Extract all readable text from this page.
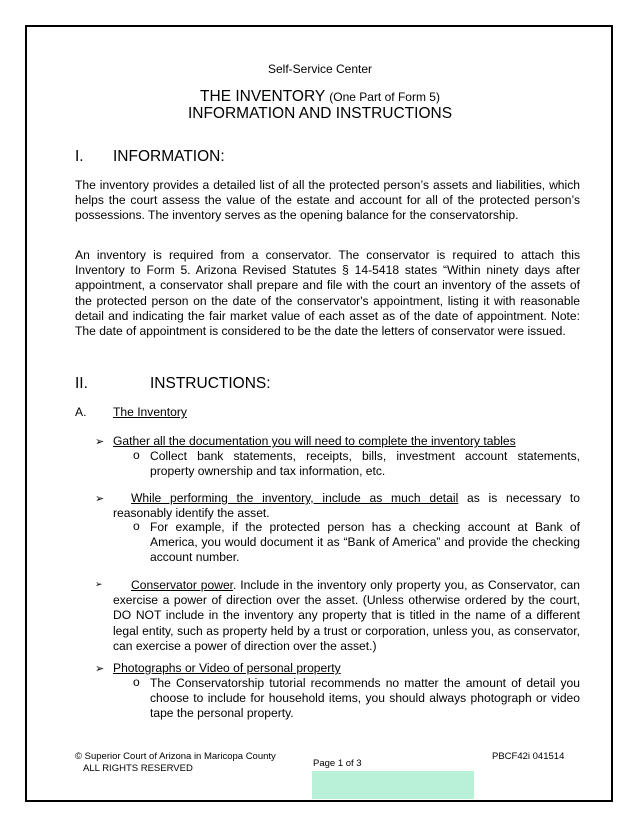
Self-Service Center
THE INVENTORY (One Part of Form 5)
INFORMATION AND INSTRUCTIONS
I. INFORMATION:
The inventory provides a detailed list of all the protected person’s assets and liabilities, which helps the court assess the value of the estate and account for all of the protected person’s possessions. The inventory serves as the opening balance for the conservatorship.
An inventory is required from a conservator. The conservator is required to attach this Inventory to Form 5. Arizona Revised Statutes § 14-5418 states “Within ninety days after appointment, a conservator shall prepare and file with the court an inventory of the assets of the protected person on the date of the conservator's appointment, listing it with reasonable detail and indicating the fair market value of each asset as of the date of appointment. Note: The date of appointment is considered to be the date the letters of conservator were issued.
II.	INSTRUCTIONS:
A. The Inventory
➢ Gather all the documentation you will need to complete the inventory tables
o Collect bank statements, receipts, bills, investment account statements, property ownership and tax information, etc.
➢	While performing the inventory, include as much detail as is necessary to reasonably identify the asset.
o For example, if the protected person has a checking account at Bank of America, you would document it as “Bank of America” and provide the checking account number.
➢	Conservator power. Include in the inventory only property you, as Conservator, can exercise a power of direction over the asset. (Unless otherwise ordered by the court, DO NOT include in the inventory any property that is titled in the name of a different legal entity, such as property held by a trust or corporation, unless you, as conservator, can exercise a power of direction over the asset.)
➢ Photographs or Video of personal property
o The Conservatorship tutorial recommends no matter the amount of detail you choose to include for household items, you should always photograph or video tape the personal property.
© Superior Court of Arizona in Maricopa County
ALL RIGHTS RESERVED	Page 1 of 3
PBCF42i 041514
